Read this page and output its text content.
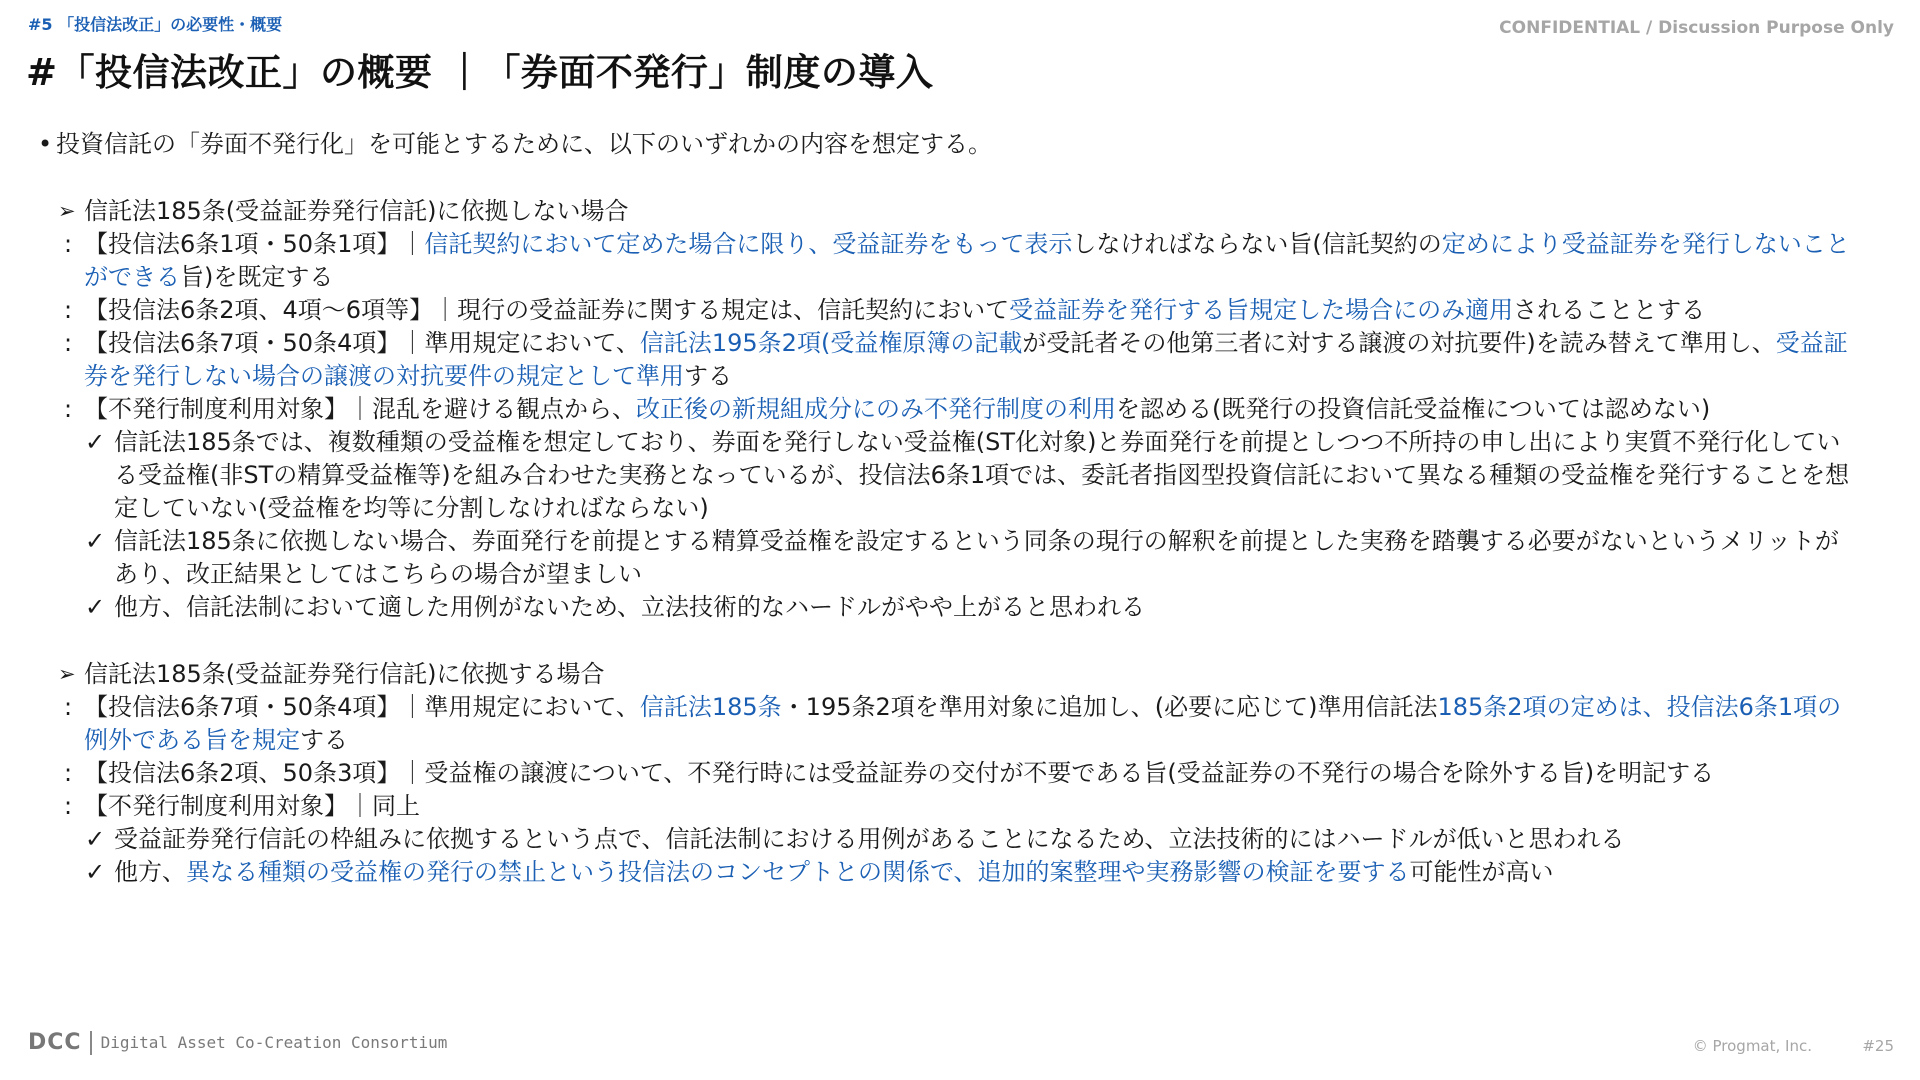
#5 「投信法改正」の必要性・概要	CONFIDENTIAL / Discussion Purpose Only
#「投信法改正」の概要 ｜「券面不発行」制度の導入
• 投資信託の「券面不発行化」を可能とするために、以下のいずれかの内容を想定する。
➢ 信託法185条(受益証券発行信託)に依拠しない場合
: 【投信法6条1項・50条1項】｜信託契約において定めた場合に限り、受益証券をもって表示しなければならない旨(信託契約の定めにより受益証券を発行しないことができる旨)を既定する
: 【投信法6条2項、4項～6項等】｜現行の受益証券に関する規定は、信託契約において受益証券を発行する旨規定した場合にのみ適用されることとする
: 【投信法6条7項・50条4項】｜準用規定において、信託法195条2項(受益権原簿の記載が受託者その他第三者に対する譲渡の対抗要件)を読み替えて準用し、受益証券を発行しない場合の譲渡の対抗要件の規定として準用する
: 【不発行制度利用対象】｜混乱を避ける観点から、改正後の新規組成分にのみ不発行制度の利用を認める(既発行の投資信託受益権については認めない)
✓ 信託法185条では、複数種類の受益権を想定しており、券面を発行しない受益権(ST化対象)と券面発行を前提としつつ不所持の申し出により実質不発行化している受益権(非STの精算受益権等)を組み合わせた実務となっているが、投信法6条1項では、委託者指図型投資信託において異なる種類の受益権を発行することを想定していない(受益権を均等に分割しなければならない)
✓ 信託法185条に依拠しない場合、券面発行を前提とする精算受益権を設定するという同条の現行の解釈を前提とした実務を踏襲する必要がないというメリットがあり、改正結果としてはこちらの場合が望ましい
✓ 他方、信託法制において適した用例がないため、立法技術的なハードルがやや上がると思われる
➢ 信託法185条(受益証券発行信託)に依拠する場合
: 【投信法6条7項・50条4項】｜準用規定において、信託法185条・195条2項を準用対象に追加し、(必要に応じて)準用信託法185条2項の定めは、投信法6条1項の例外である旨を規定する
: 【投信法6条2項、50条3項】｜受益権の譲渡について、不発行時には受益証券の交付が不要である旨(受益証券の不発行の場合を除外する旨)を明記する
: 【不発行制度利用対象】｜同上
✓ 受益証券発行信託の枠組みに依拠するという点で、信託法制における用例があることになるため、立法技術的にはハードルが低いと思われる
✓ 他方、異なる種類の受益権の発行の禁止という投信法のコンセプトとの関係で、追加的案整理や実務影響の検証を要する可能性が高い
DCC Digital Asset Co-Creation Consortium	© Progmat, Inc.	#25
